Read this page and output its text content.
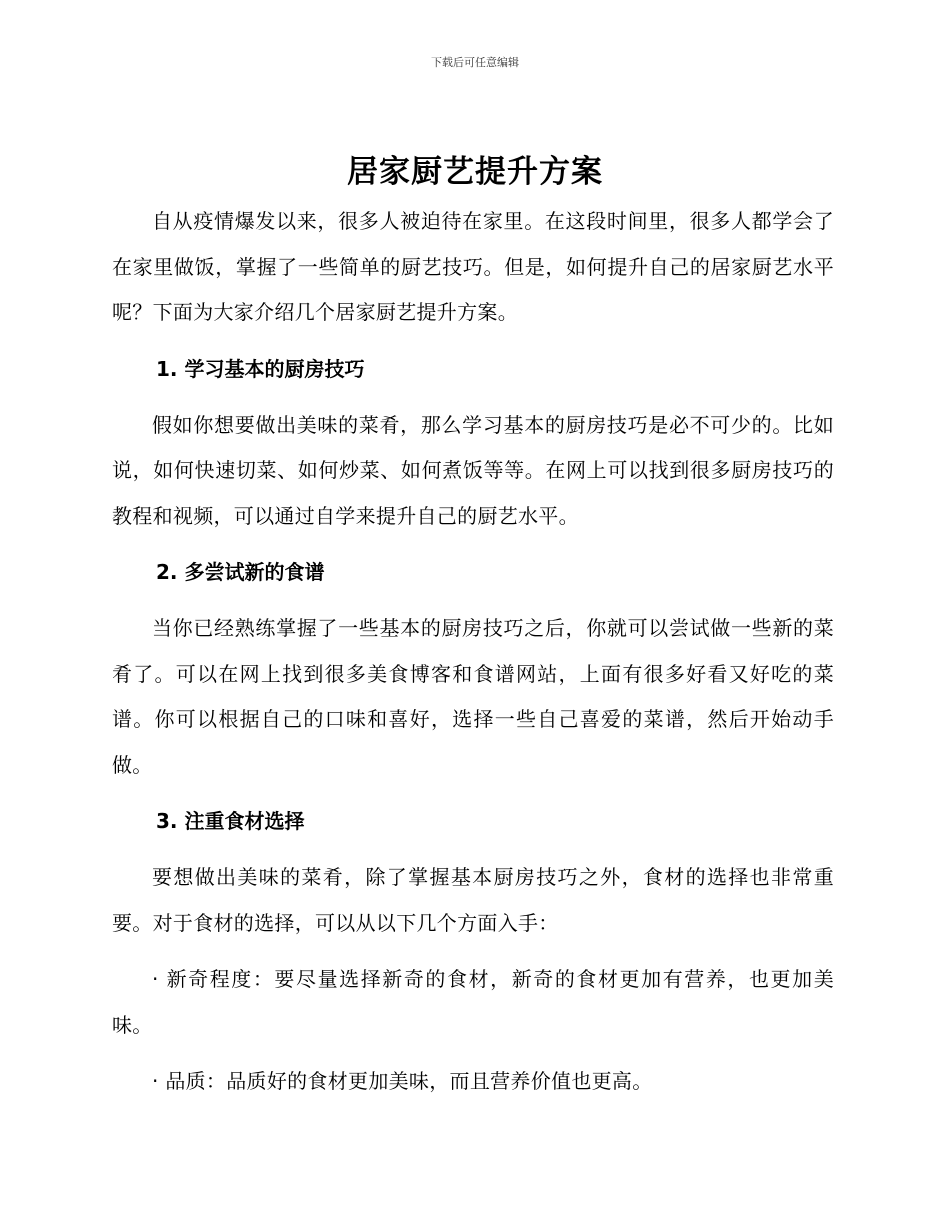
下载后可任意编辑
居家厨艺提升方案

自从疫情爆发以来，很多人被迫待在家里。在这段时间里，很多人都学会了在家里做饭，掌握了一些简单的厨艺技巧。但是，如何提升自己的居家厨艺水平呢？下面为大家介绍几个居家厨艺提升方案。

1. 学习基本的厨房技巧

假如你想要做出美味的菜肴，那么学习基本的厨房技巧是必不可少的。比如说，如何快速切菜、如何炒菜、如何煮饭等等。在网上可以找到很多厨房技巧的教程和视频，可以通过自学来提升自己的厨艺水平。

2. 多尝试新的食谱

当你已经熟练掌握了一些基本的厨房技巧之后，你就可以尝试做一些新的菜肴了。可以在网上找到很多美食博客和食谱网站，上面有很多好看又好吃的菜谱。你可以根据自己的口味和喜好，选择一些自己喜爱的菜谱，然后开始动手做。

3. 注重食材选择

要想做出美味的菜肴，除了掌握基本厨房技巧之外，食材的选择也非常重要。对于食材的选择，可以从以下几个方面入手：

· 新奇程度：要尽量选择新奇的食材，新奇的食材更加有营养，也更加美味。

· 品质：品质好的食材更加美味，而且营养价值也更高。
